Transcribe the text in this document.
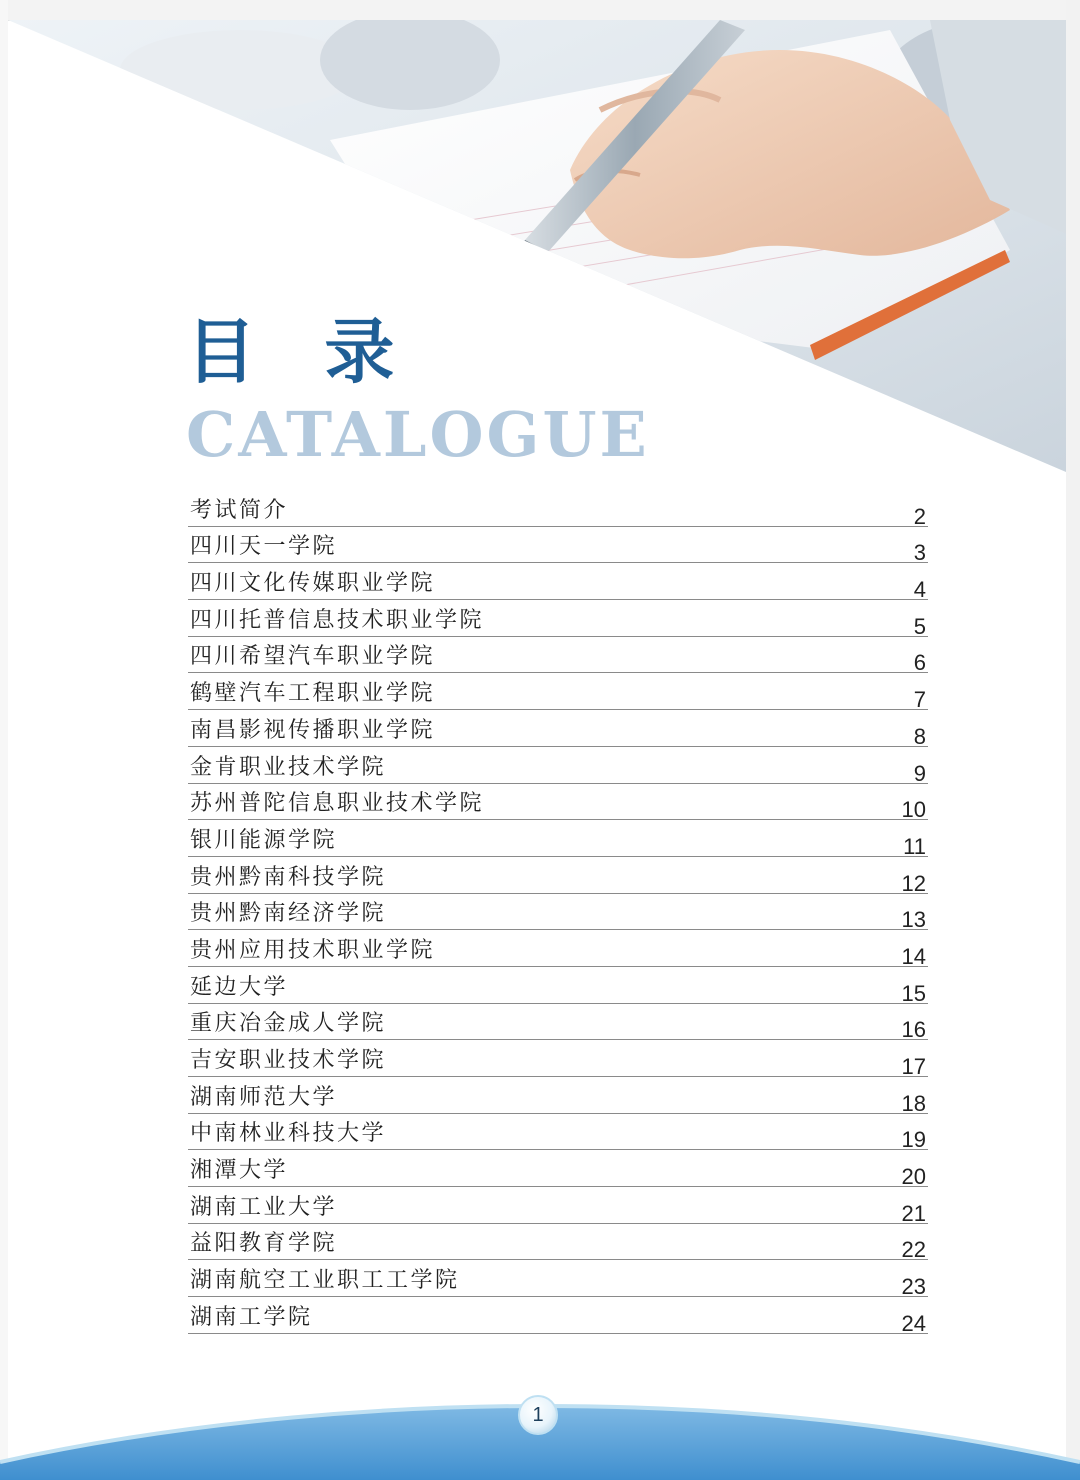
目 录
CATALOGUE
考试简介	2
四川天一学院	3
四川文化传媒职业学院	4
四川托普信息技术职业学院	5
四川希望汽车职业学院	6
鹤壁汽车工程职业学院	7
南昌影视传播职业学院	8
金肯职业技术学院	9
苏州普陀信息职业技术学院	10
银川能源学院	11
贵州黔南科技学院	12
贵州黔南经济学院	13
贵州应用技术职业学院	14
延边大学	15
重庆冶金成人学院	16
吉安职业技术学院	17
湖南师范大学	18
中南林业科技大学	19
湘潭大学	20
湖南工业大学	21
益阳教育学院	22
湖南航空工业职工工学院	23
湖南工学院	24
1
